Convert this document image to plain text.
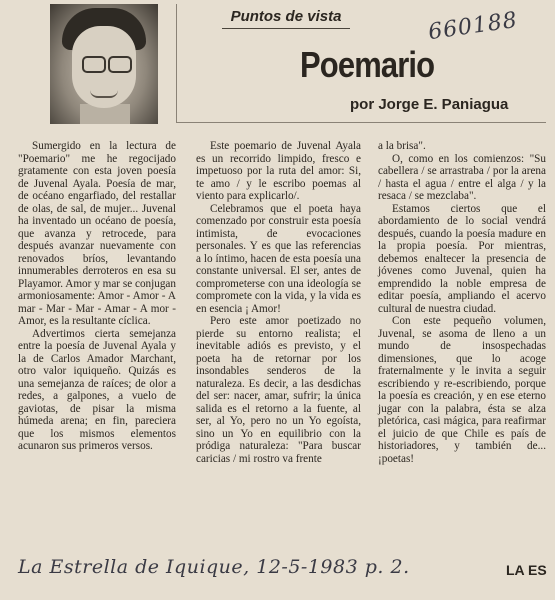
Puntos de vista
Poemario
por Jorge E. Paniagua
660188

Sumergido en la lectura de "Poemario" me he regocijado gratamente con esta joven poesía de Juvenal Ayala. Poesía de mar, de océano engarfiado, del restallar de olas, de sal, de mujer... Juvenal ha inventado un océano de poesía, que avanza y retrocede, para después avanzar nuevamente con renovados bríos, levantando innumerables derroteros en esa su Playamor. Amor y mar se conjugan armoniosamente: Amor - Amor - A mar - Mar - Mar - Amar - A mor - Amor, es la resultante cíclica.

Advertimos cierta semejanza entre la poesía de Juvenal Ayala y la de Carlos Amador Marchant, otro valor iquiqueño. Quizás es una semejanza de raíces; de olor a redes, a galpones, a vuelo de gaviotas, de pisar la misma húmeda arena; en fin, pareciera que los mismos elementos acunaron sus primeros versos.

Este poemario de Juvenal Ayala es un recorrido limpido, fresco e impetuoso por la ruta del amor: Si, te amo / y le escribo poemas al viento para explicarlo/.

Celebramos que el poeta haya comenzado por construir esta poesía intimista, de evocaciones personales. Y es que las referencias a lo íntimo, hacen de esta poesía una constante universal. El ser, antes de comprometerse con una ideología se compromete con la vida, y la vida es en esencia ¡ Amor!

Pero este amor poetizado no pierde su entorno realista; el inevitable adiós es previsto, y el poeta ha de retornar por los insondables senderos de la naturaleza. Es decir, a las desdichas del ser: nacer, amar, sufrir; la única salida es el retorno a la fuente, al ser, al Yo, pero no un Yo egoísta, sino un Yo en equilibrio con la pródiga naturaleza: "Para buscar caricias / mi rostro va frente

a la brisa".

O, como en los comienzos: "Su cabellera / se arrastraba / por la arena / hasta el agua / entre el alga / y la resaca / se mezclaba".

Estamos ciertos que el abordamiento de lo social vendrá después, cuando la poesía madure en la propia poesía. Por mientras, debemos enaltecer la presencia de jóvenes como Juvenal, quien ha emprendido la noble empresa de editar poesía, ampliando el acervo cultural de nuestra ciudad.

Con este pequeño volumen, Juvenal, se asoma de lleno a un mundo de insospechadas dimensiones, que lo acoge fraternalmente y le invita a seguir escribiendo y re-escribiendo, porque la poesía es creación, y en ese eterno jugar con la palabra, ésta se alza pletórica, casi mágica, para reafirmar el juicio de que Chile es país de historiadores, y también de... ¡poetas!

La Estrella de Iquique, 12-5-1983 p. 2.	LA ES
